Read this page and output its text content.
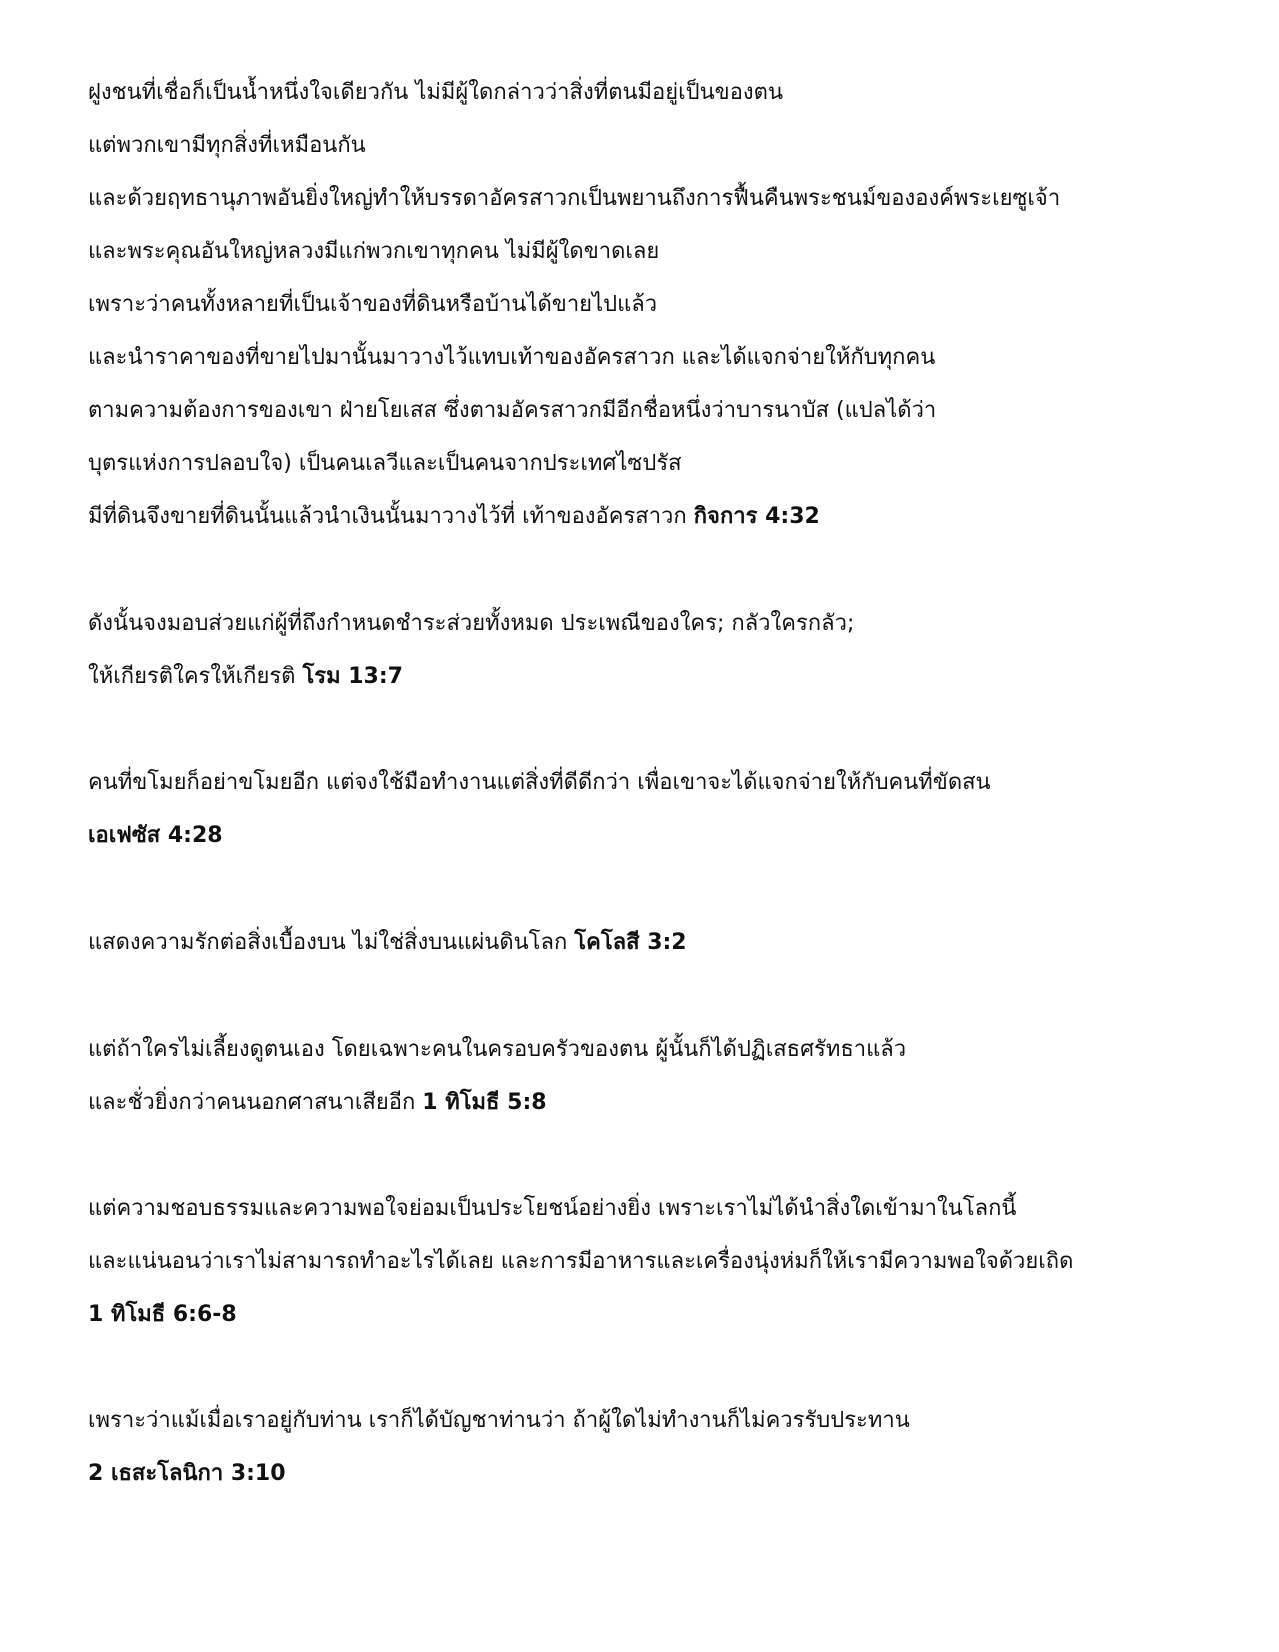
ฝูงชนที่เชื่อก็เป็นน้ำหนึ่งใจเดียวกัน ไม่มีผู้ใดกล่าวว่าสิ่งที่ตนมีอยู่เป็นของตน
แต่พวกเขามีทุกสิ่งที่เหมือนกัน
และด้วยฤทธานุภาพอันยิ่งใหญ่ทำให้บรรดาอัครสาวกเป็นพยานถึงการฟื้นคืนพระชนม์ขององค์พระเยซูเจ้า
และพระคุณอันใหญ่หลวงมีแก่พวกเขาทุกคน ไม่มีผู้ใดขาดเลย
เพราะว่าคนทั้งหลายที่เป็นเจ้าของที่ดินหรือบ้านได้ขายไปแล้ว
และนำราคาของที่ขายไปมานั้นมาวางไว้แทบเท้าของอัครสาวก และได้แจกจ่ายให้กับทุกคน
ตามความต้องการของเขา ฝ่ายโยเสส ซึ่งตามอัครสาวกมีอีกชื่อหนึ่งว่าบารนาบัส (แปลได้ว่า
บุตรแห่งการปลอบใจ) เป็นคนเลวีและเป็นคนจากประเทศไซปรัส
มีที่ดินจึงขายที่ดินนั้นแล้วนำเงินนั้นมาวางไว้ที่ เท้าของอัครสาวก กิจการ 4:32
ดังนั้นจงมอบส่วยแก่ผู้ที่ถึงกำหนดชำระส่วยทั้งหมด ประเพณีของใคร; กลัวใครกลัว;
ให้เกียรติใครให้เกียรติ โรม 13:7
คนที่ขโมยก็อย่าขโมยอีก แต่จงใช้มือทำงานแต่สิ่งที่ดีดีกว่า เพื่อเขาจะได้แจกจ่ายให้กับคนที่ขัดสน
เอเฟซัส 4:28
แสดงความรักต่อสิ่งเบื้องบน ไม่ใช่สิ่งบนแผ่นดินโลก โคโลสี 3:2
แต่ถ้าใครไม่เลี้ยงดูตนเอง โดยเฉพาะคนในครอบครัวของตน ผู้นั้นก็ได้ปฏิเสธศรัทธาแล้ว
และชั่วยิ่งกว่าคนนอกศาสนาเสียอีก 1 ทิโมธี 5:8
แต่ความชอบธรรมและความพอใจย่อมเป็นประโยชน์อย่างยิ่ง เพราะเราไม่ได้นำสิ่งใดเข้ามาในโลกนี้
และแน่นอนว่าเราไม่สามารถทำอะไรได้เลย และการมีอาหารและเครื่องนุ่งห่มก็ให้เรามีความพอใจด้วยเถิด
1 ทิโมธี 6:6-8
เพราะว่าแม้เมื่อเราอยู่กับท่าน เราก็ได้บัญชาท่านว่า ถ้าผู้ใดไม่ทำงานก็ไม่ควรรับประทาน
2 เธสะโลนิกา 3:10
